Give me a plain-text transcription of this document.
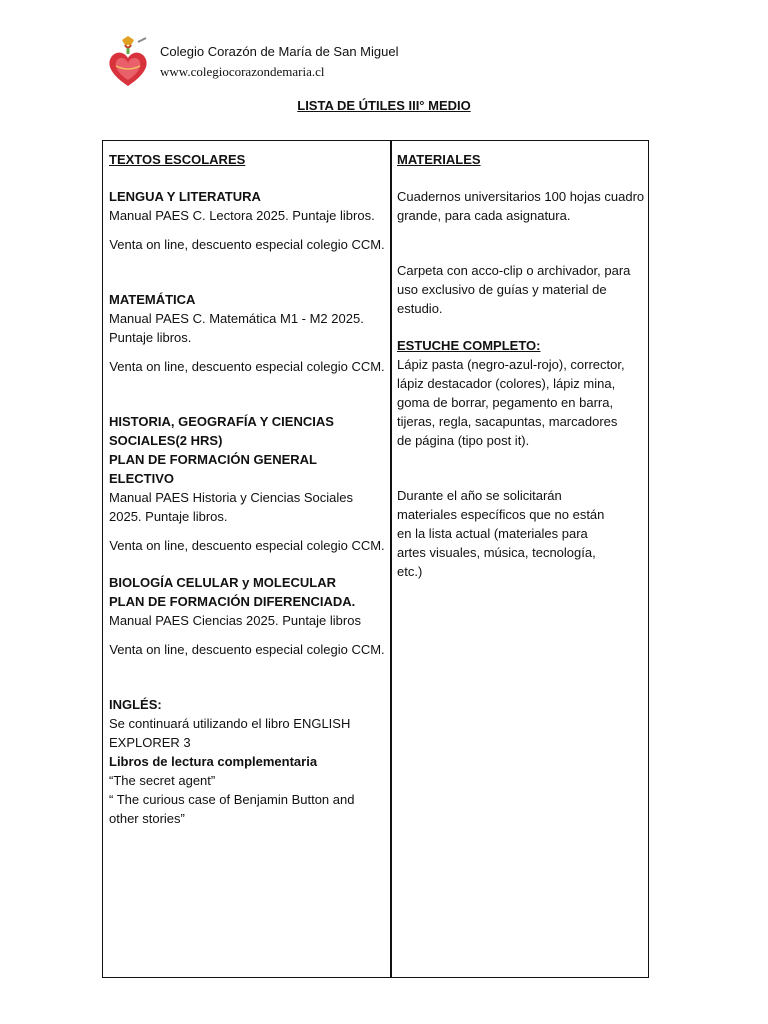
Colegio Corazón de María de San Miguel
www.colegiocorazondemaria.cl
LISTA DE ÚTILES III° MEDIO

TEXTOS ESCOLARES

LENGUA Y LITERATURA

Manual PAES C. Lectora 2025. Puntaje libros.

Venta on line, descuento especial colegio CCM.

MATEMÁTICA

Manual PAES C. Matemática M1 - M2 2025. Puntaje libros.

Venta on line, descuento especial colegio CCM.

HISTORIA, GEOGRAFÍA Y CIENCIAS SOCIALES(2 HRS)

PLAN DE FORMACIÓN GENERAL ELECTIVO

Manual PAES Historia y Ciencias Sociales 2025. Puntaje libros.

Venta on line, descuento especial colegio CCM.

BIOLOGÍA CELULAR y MOLECULAR

PLAN DE FORMACIÓN DIFERENCIADA.

Manual PAES Ciencias 2025. Puntaje libros

Venta on line, descuento especial colegio CCM.

INGLÉS:

Se continuará utilizando el libro ENGLISH EXPLORER 3

Libros de lectura complementaria

“The secret agent”

“ The curious case of Benjamin Button and other stories”

MATERIALES

Cuadernos universitarios 100 hojas cuadro grande, para cada asignatura.

Carpeta con acco-clip o archivador, para uso exclusivo de guías y material de estudio.

ESTUCHE COMPLETO:

Lápiz pasta (negro-azul-rojo), corrector,

lápiz destacador (colores), lápiz mina,

goma de borrar, pegamento en barra,

tijeras, regla, sacapuntas, marcadores

de página (tipo post it).

Durante el año se solicitarán

materiales específicos que no están

en la lista actual (materiales para

artes visuales, música, tecnología,

etc.)
